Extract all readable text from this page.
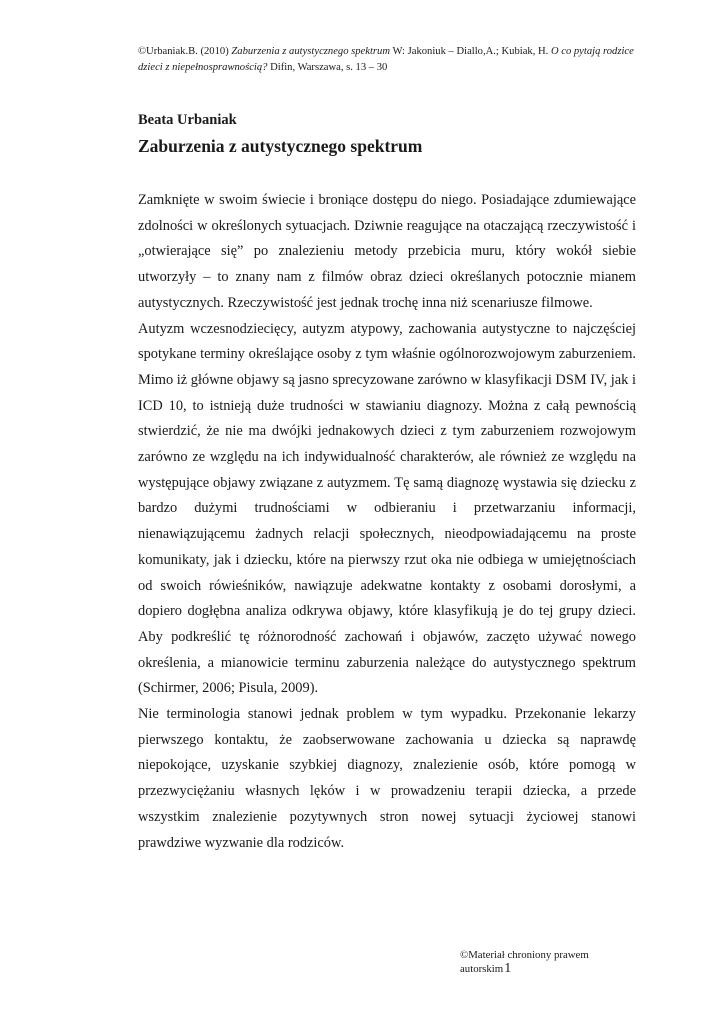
©Urbaniak.B. (2010) Zaburzenia z autystycznego spektrum W: Jakoniuk – Diallo,A.; Kubiak, H. O co pytają rodzice dzieci z niepełnosprawnością? Difin, Warszawa, s. 13 – 30
Beata Urbaniak
Zaburzenia z autystycznego spektrum

Zamknięte w swoim świecie i broniące dostępu do niego. Posiadające zdumiewające zdolności w określonych sytuacjach. Dziwnie reagujące na otaczającą rzeczywistość i „otwierające się” po znalezieniu metody przebicia muru, który wokół siebie utworzyły – to znany nam z filmów obraz dzieci określanych potocznie mianem autystycznych. Rzeczywistość jest jednak trochę inna niż scenariusze filmowe.

Autyzm wczesnodziecięcy, autyzm atypowy, zachowania autystyczne to najczęściej spotykane terminy określające osoby z tym właśnie ogólnorozwojowym zaburzeniem. Mimo iż główne objawy są jasno sprecyzowane zarówno w klasyfikacji DSM IV, jak i ICD 10, to istnieją duże trudności w stawianiu diagnozy. Można z całą pewnością stwierdzić, że nie ma dwójki jednakowych dzieci z tym zaburzeniem rozwojowym zarówno ze względu na ich indywidualność charakterów, ale również ze względu na występujące objawy związane z autyzmem. Tę samą diagnozę wystawia się dziecku z bardzo dużymi trudnościami w odbieraniu i przetwarzaniu informacji, nienawiązującemu żadnych relacji społecznych, nieodpowiadającemu na proste komunikaty, jak i dziecku, które na pierwszy rzut oka nie odbiega w umiejętnościach od swoich rówieśników, nawiązuje adekwatne kontakty z osobami dorosłymi, a dopiero dogłębna analiza odkrywa objawy, które klasyfikują je do tej grupy dzieci. Aby podkreślić tę różnorodność zachowań i objawów, zaczęto używać nowego określenia, a mianowicie terminu zaburzenia należące do autystycznego spektrum (Schirmer, 2006; Pisula, 2009).

Nie terminologia stanowi jednak problem w tym wypadku. Przekonanie lekarzy pierwszego kontaktu, że zaobserwowane zachowania u dziecka są naprawdę niepokojące, uzyskanie szybkiej diagnozy, znalezienie osób, które pomogą w przezwyciężaniu własnych lęków i w prowadzeniu terapii dziecka, a przede wszystkim znalezienie pozytywnych stron nowej sytuacji życiowej stanowi prawdziwe wyzwanie dla rodziców.

©Materiał chroniony prawem autorskim1
